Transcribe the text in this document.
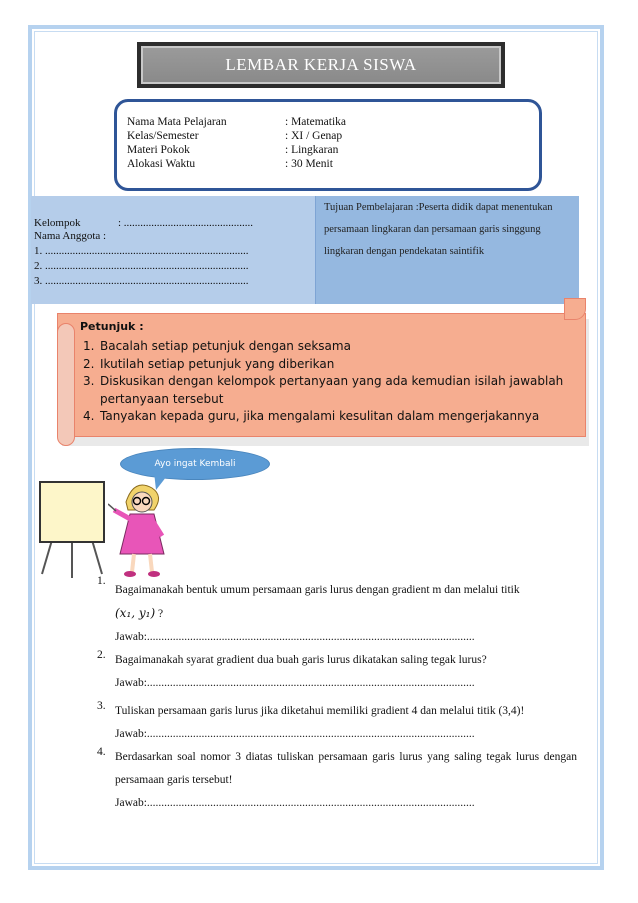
LEMBAR KERJA SISWA
Nama Mata Pelajaran	: Matematika
Kelas/Semester	: XI / Genap
Materi Pokok	: Lingkaran
Alokasi Waktu	: 30 Menit
Kelompok	: ...............................................
Nama Anggota :
1. ..........................................................................
2. ..........................................................................
3. ..........................................................................
Tujuan Pembelajaran :Peserta didik dapat menentukan persamaan lingkaran dan persamaan garis singgung lingkaran dengan pendekatan saintifik
Petunjuk :
1. Bacalah setiap petunjuk dengan seksama
2. Ikutilah setiap petunjuk yang diberikan
3. Diskusikan dengan kelompok pertanyaan yang ada kemudian isilah jawablah pertanyaan tersebut
4. Tanyakan kepada guru, jika mengalami kesulitan dalam mengerjakannya
Ayo ingat Kembali
1.
Bagaimanakah bentuk umum persamaan garis lurus dengan gradient m dan melalui titik
(x₁, y₁) ?

Jawab:..................................................................................................................
2. Bagaimanakah syarat gradient dua buah garis lurus dikatakan saling tegak lurus?
Jawab:..................................................................................................................
3. Tuliskan persamaan garis lurus jika diketahui memiliki gradient 4 dan melalui titik (3,4)!
Jawab:..................................................................................................................
4. Berdasarkan soal nomor 3 diatas tuliskan persamaan garis lurus yang saling tegak lurus dengan persamaan garis tersebut!
Jawab:..................................................................................................................
